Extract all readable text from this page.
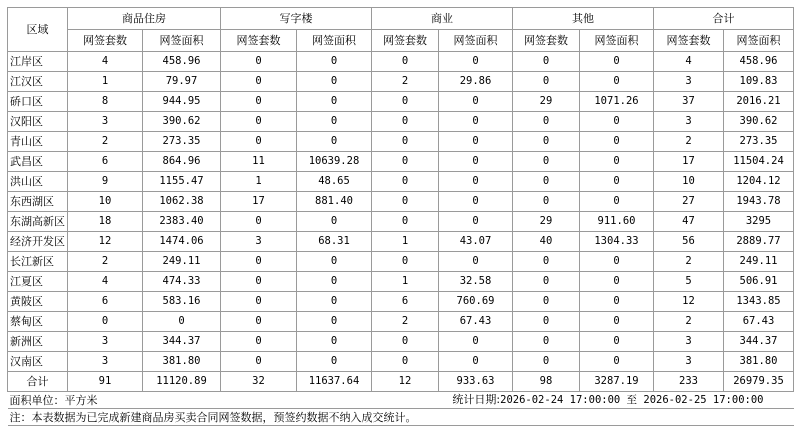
区域	商品住房		写字楼		商业		其他		合计	
	网签套数	网签面积	网签套数	网签面积	网签套数	网签面积	网签套数	网签面积	网签套数	网签面积
江岸区	4	458.96	0	0	0	0	0	0	4	458.96
江汉区	1	79.97	0	0	2	29.86	0	0	3	109.83
硚口区	8	944.95	0	0	0	0	29	1071.26	37	2016.21
汉阳区	3	390.62	0	0	0	0	0	0	3	390.62
青山区	2	273.35	0	0	0	0	0	0	2	273.35
武昌区	6	864.96	11	10639.28	0	0	0	0	17	11504.24
洪山区	9	1155.47	1	48.65	0	0	0	0	10	1204.12
东西湖区	10	1062.38	17	881.40	0	0	0	0	27	1943.78
东湖高新区	18	2383.40	0	0	0	0	29	911.60	47	3295
经济开发区	12	1474.06	3	68.31	1	43.07	40	1304.33	56	2889.77
长江新区	2	249.11	0	0	0	0	0	0	2	249.11
江夏区	4	474.33	0	0	1	32.58	0	0	5	506.91
黄陂区	6	583.16	0	0	6	760.69	0	0	12	1343.85
蔡甸区	0	0	0	0	2	67.43	0	0	2	67.43
新洲区	3	344.37	0	0	0	0	0	0	3	344.37
汉南区	3	381.80	0	0	0	0	0	0	3	381.80
合计	91	11120.89	32	11637.64	12	933.63	98	3287.19	233	26979.35
面积单位：平方米			统计日期:2026-02-24 17:00:00 至 2026-02-25 17:00:00							
注：本表数据为已完成新建商品房买卖合同网签数据，预签约数据不纳入成交统计。										
